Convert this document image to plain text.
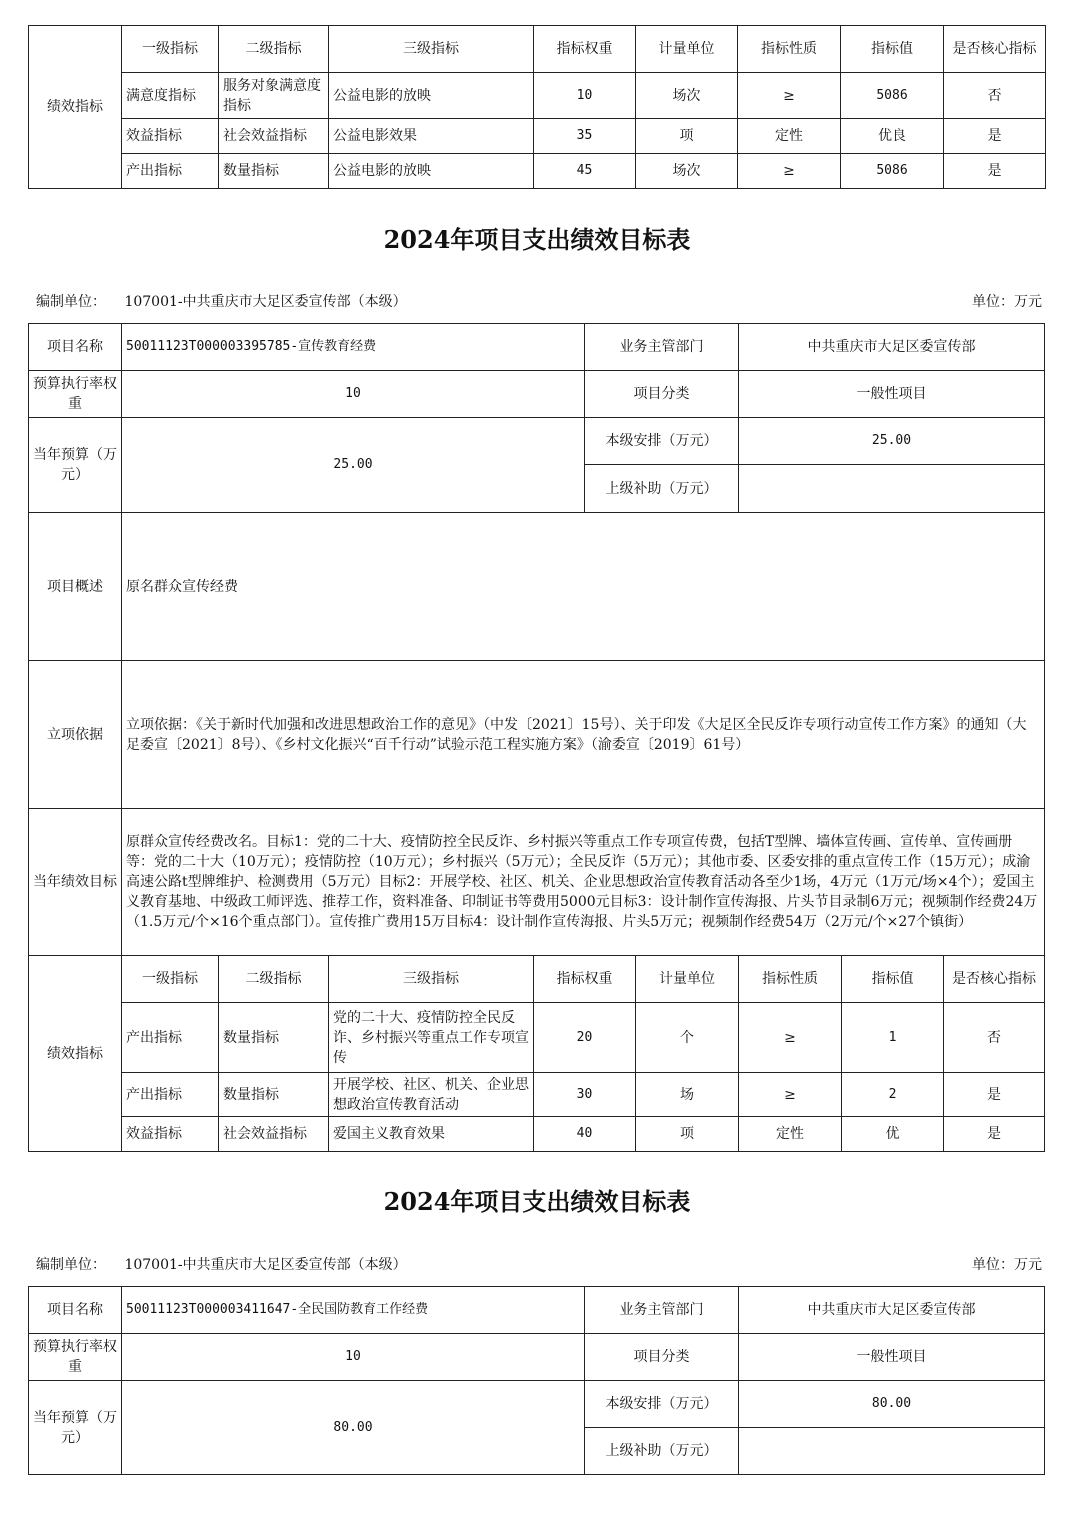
绩效指标	一级指标	二级指标	三级指标	指标权重	计量单位	指标性质	指标值	是否核心指标
	满意度指标	服务对象满意度指标	公益电影的放映	10	场次	≥	5086	否
	效益指标	社会效益指标	公益电影效果	35	项	定性	优良	是
	产出指标	数量指标	公益电影的放映	45	场次	≥	5086	是
2024年项目支出绩效目标表
编制单位： 107001-中共重庆市大足区委宣传部（本级）	单位：万元
项目名称	50011123T000003395785-宣传教育经费				业务主管部门		中共重庆市大足区委宣传部		
预算执行率权重	10				项目分类		一般性项目		
当年预算（万元）	25.00				本级安排（万元）		25.00		
					上级补助（万元）				
项目概述	原名群众宣传经费								
立项依据	立项依据：《关于新时代加强和改进思想政治工作的意见》（中发〔2021〕15号）、关于印发《大足区全民反诈专项行动宣传工作方案》的通知（大足委宣〔2021〕8号）、《乡村文化振兴“百千行动”试验示范工程实施方案》（渝委宣〔2019〕61号）								
当年绩效目标	原群众宣传经费改名。目标1：党的二十大、疫情防控全民反诈、乡村振兴等重点工作专项宣传费，包括T型牌、墙体宣传画、宣传单、宣传画册等：党的二十大（10万元）；疫情防控（10万元）；乡村振兴（5万元）；全民反诈（5万元）；其他市委、区委安排的重点宣传工作（15万元）；成渝高速公路t型牌维护、检测费用（5万元）目标2：开展学校、社区、机关、企业思想政治宣传教育活动各至少1场，4万元（1万元/场×4个）；爱国主义教育基地、中级政工师评选、推荐工作，资料准备、印制证书等费用5000元目标3：设计制作宣传海报、片头节目录制6万元；视频制作经费24万（1.5万元/个×16个重点部门）。宣传推广费用15万目标4：设计制作宣传海报、片头5万元；视频制作经费54万（2万元/个×27个镇街）								
绩效指标	一级指标	二级指标	三级指标	指标权重		计量单位	指标性质	指标值	是否核心指标
	产出指标	数量指标	党的二十大、疫情防控全民反诈、乡村振兴等重点工作专项宣传	20		个	≥	1	否
	产出指标	数量指标	开展学校、社区、机关、企业思想政治宣传教育活动	30		场	≥	2	是
	效益指标	社会效益指标	爱国主义教育效果	40		项	定性	优	是
2024年项目支出绩效目标表
编制单位： 107001-中共重庆市大足区委宣传部（本级）	单位：万元
项目名称	50011123T000003411647-全民国防教育工作经费	业务主管部门	中共重庆市大足区委宣传部
预算执行率权重	10	项目分类	一般性项目
当年预算（万元）	80.00	本级安排（万元）	80.00
		上级补助（万元）	
